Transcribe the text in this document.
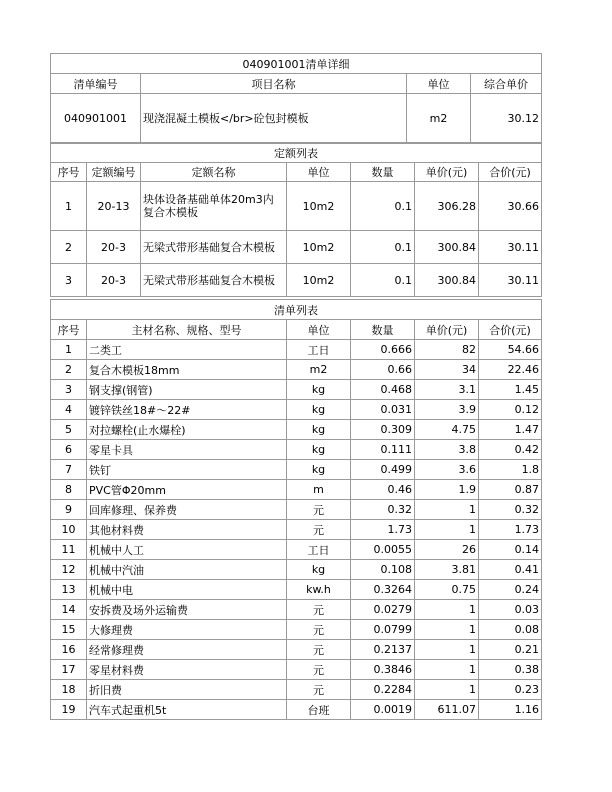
040901001清单详细			
清单编号	项目名称	单位	综合单价
040901001	现浇混凝土模板</br>砼包封模板	m2	30.12
定额列表						
序号	定额编号	定额名称	单位	数量	单价(元)	合价(元)
1	20-13	块体设备基础单体20m3内复合木模板	10m2	0.1	306.28	30.66
2	20-3	无梁式带形基础复合木模板	10m2	0.1	300.84	30.11
3	20-3	无梁式带形基础复合木模板	10m2	0.1	300.84	30.11
清单列表					
序号	主材名称、规格、型号	单位	数量	单价(元)	合价(元)
1	二类工	工日	0.666	82	54.66
2	复合木模板18mm	m2	0.66	34	22.46
3	钢支撑(钢管)	kg	0.468	3.1	1.45
4	镀锌铁丝18#～22#	kg	0.031	3.9	0.12
5	对拉螺栓(止水爆栓)	kg	0.309	4.75	1.47
6	零星卡具	kg	0.111	3.8	0.42
7	铁钉	kg	0.499	3.6	1.8
8	PVC管Φ20mm	m	0.46	1.9	0.87
9	回库修理、保养费	元	0.32	1	0.32
10	其他材料费	元	1.73	1	1.73
11	机械中人工	工日	0.0055	26	0.14
12	机械中汽油	kg	0.108	3.81	0.41
13	机械中电	kw.h	0.3264	0.75	0.24
14	安拆费及场外运输费	元	0.0279	1	0.03
15	大修理费	元	0.0799	1	0.08
16	经常修理费	元	0.2137	1	0.21
17	零星材料费	元	0.3846	1	0.38
18	折旧费	元	0.2284	1	0.23
19	汽车式起重机5t	台班	0.0019	611.07	1.16
